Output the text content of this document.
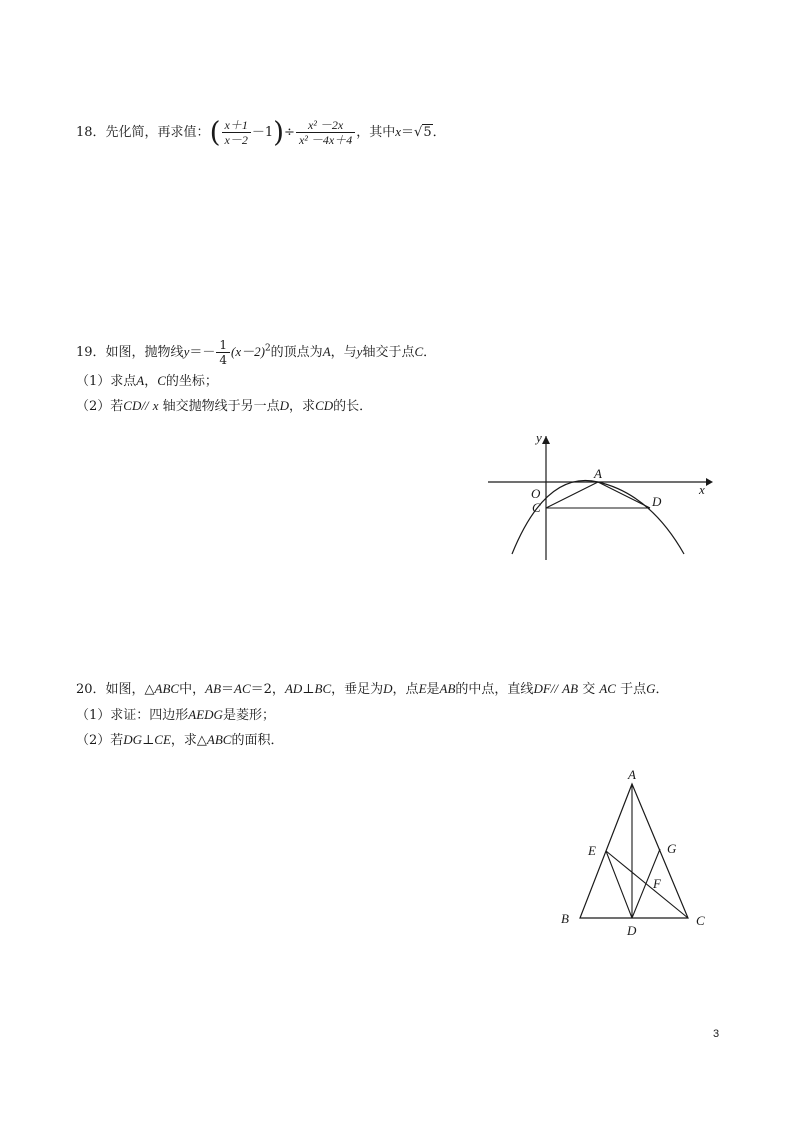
18．先化简，再求值：( $\frac{x+1}{x-2} -1)\div \frac{\text{x² －2x}}{\text{x² －4x＋4}}$ ，其中x＝√5．
19．如图，抛物线$y=- \frac{1}{4} (x-2)^2$的顶点为A，与y轴交于点C．
（1）求点A，C的坐标；
（2）若CD// x 轴交抛物线于另一点D，求CD的长．
y
x
A
O
C	D
20．如图，△ABC中，AB＝AC＝2，AD⊥BC，垂足为D，点E是AB的中点，直线DF// AB 交 AC 于点G．
（1）求证：四边形AEDG是菱形；
（2）若DG⊥CE，求△ABC的面积．
A
B	C
D
E
F
G
3
